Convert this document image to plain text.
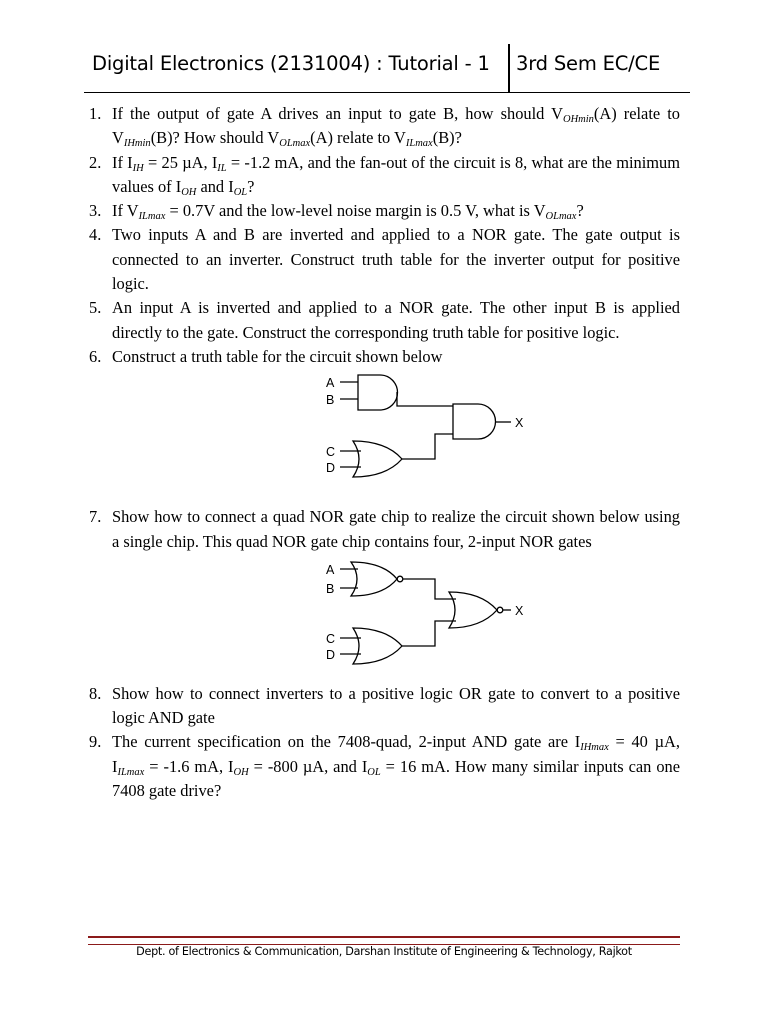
Digital Electronics (2131004) : Tutorial - 1 3rd Sem EC/CE
1. If the output of gate A drives an input to gate B, how should $V_{OHmin}(A)$ relate to $V_{IHmin}(B)$? How should $V_{OLmax}(A)$ relate to $V_{ILmax}(B)$?
2. If $I_{IH} = 25$ µA, $I_{IL} = -1.2$ mA, and the fan-out of the circuit is 8, what are the minimum values of $I_{OH}$ and $I_{OL}$?
3. If $V_{ILmax} = 0.7V$ and the low-level noise margin is 0.5 V, what is $V_{OLmax}$?
4. Two inputs A and B are inverted and applied to a NOR gate. The gate output is connected to an inverter. Construct truth table for the inverter output for positive logic.
5. An input A is inverted and applied to a NOR gate. The other input B is applied directly to the gate. Construct the corresponding truth table for positive logic.
6. Construct a truth table for the circuit shown below
A
B
C
D
X
7. Show how to connect a quad NOR gate chip to realize the circuit shown below using a single chip. This quad NOR gate chip contains four, 2-input NOR gates
A
B
C
D
X
8. Show how to connect inverters to a positive logic OR gate to convert to a positive logic AND gate
9. The current specification on the 7408-quad, 2-input AND gate are $I_{IHmax} = 40$ µA, $I_{ILmax} = -1.6$ mA, $I_{OH} = -800$ µA, and $I_{OL} = 16$ mA. How many similar inputs can one 7408 gate drive?
Dept. of Electronics & Communication, Darshan Institute of Engineering & Technology, Rajkot
